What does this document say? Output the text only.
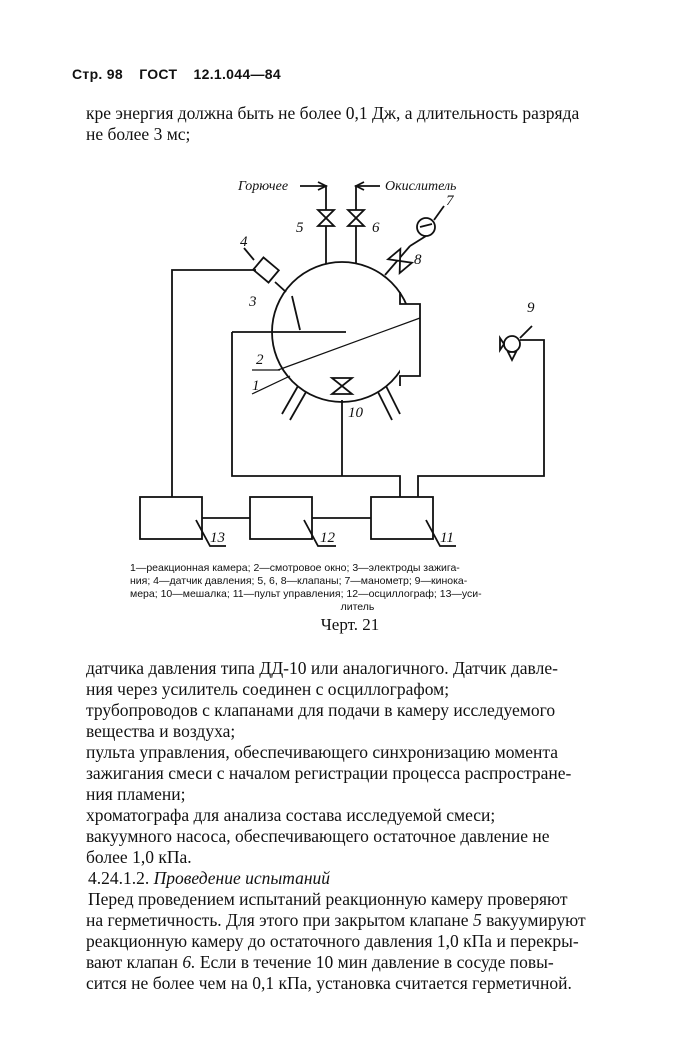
Стр. 98 ГОСТ 12.1.044—84
кре энергия должна быть не более 0,1 Дж, а длительность разряда
не более 3 мс;
Горючее	Окислитель
5	6
7
8
3
2
1
4
10
9
13	12	11
1—реакционная камера; 2—смотровое окно; 3—электроды зажига-
ния; 4—датчик давления; 5, 6, 8—клапаны; 7—манометр; 9—кинока-
мера; 10—мешалка; 11—пульт управления; 12—осциллограф; 13—уси-
литель
Черт. 21
датчика давления типа ДД-10 или аналогичного. Датчик давле-
ния через усилитель соединен с осциллографом;
трубопроводов с клапанами для подачи в камеру исследуемого
вещества и воздуха;
пульта управления, обеспечивающего синхронизацию момента
зажигания смеси с началом регистрации процесса распростране-
ния пламени;
хроматографа для анализа состава исследуемой смеси;
вакуумного насоса, обеспечивающего остаточное давление не
более 1,0 кПа.
4.24.1.2. Проведение испытаний
Перед проведением испытаний реакционную камеру проверяют
на герметичность. Для этого при закрытом клапане 5 вакуумируют
реакционную камеру до остаточного давления 1,0 кПа и перекры-
вают клапан 6. Если в течение 10 мин давление в сосуде повы-
сится не более чем на 0,1 кПа, установка считается герметичной.
